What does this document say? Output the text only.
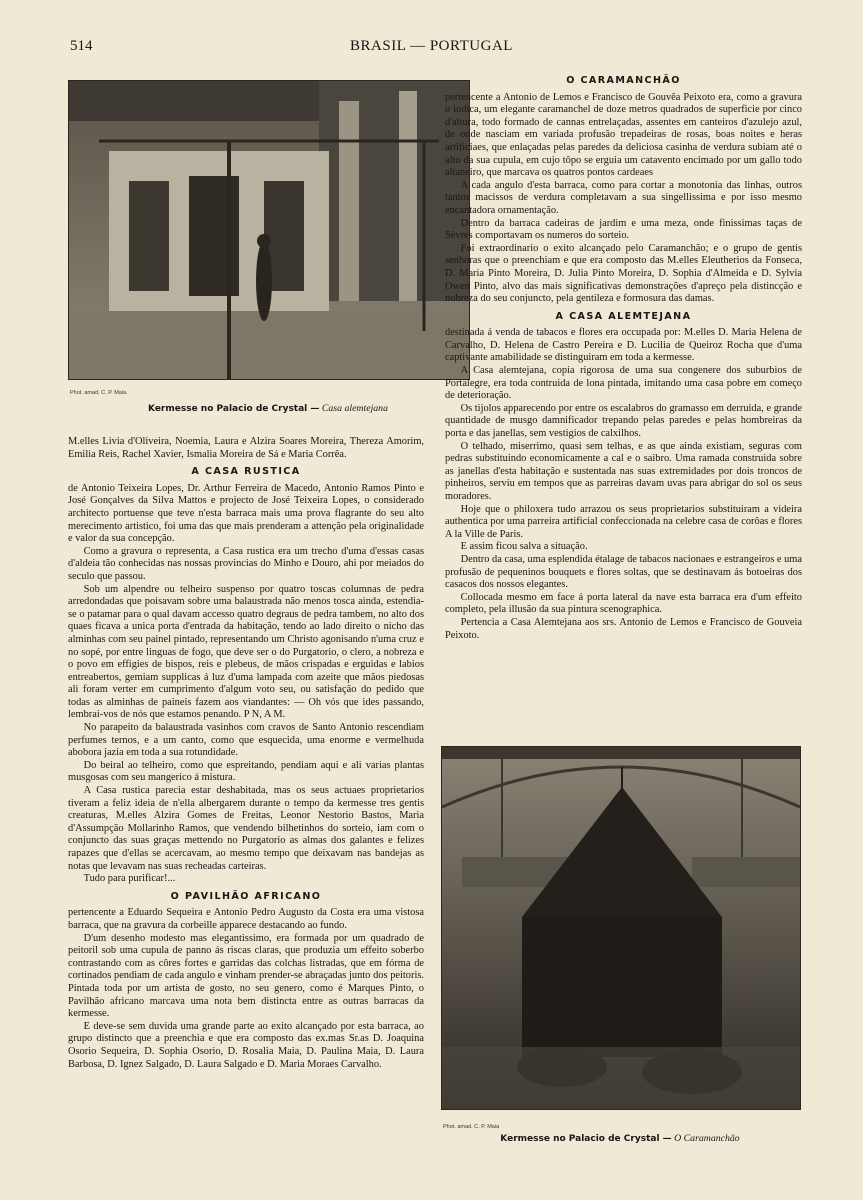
514	BRASIL — PORTUGAL
Phot. amad. C. P. Maia.
Kermesse no Palacio de Crystal — Casa alemtejana

M.elles Livia d'Oliveira, Noemia, Laura e Alzira Soares Moreira, Thereza Amorim, Emilia Reis, Rachel Xavier, Ismalia Moreira de Sá e Maria Corrêa.

A CASA RUSTICA

de Antonio Teixeira Lopes, Dr. Arthur Ferreira de Macedo, Antonio Ramos Pinto e José Gonçalves da Silva Mattos e projecto de José Teixeira Lopes, o considerado architecto portuense que teve n'esta barraca mais uma prova flagrante do seu alto merecimento artistico, foi uma das que mais prenderam a attenção pela originalidade e valor da sua concepção.

Como a gravura o representa, a Casa rustica era um trecho d'uma d'essas casas d'aldeia tão conhecidas nas nossas provincias do Minho e Douro, ahi por meiados do seculo que passou.

Sob um alpendre ou telheiro suspenso por quatro toscas columnas de pedra arredondadas que poisavam sobre uma balaustrada não menos tosca ainda, estendia-se o patamar para o qual davam accesso quatro degraus de pedra tambem, no alto dos quaes ficava a unica porta d'entrada da habitação, tendo ao lado direito o nicho das alminhas com seu painel pintado, representando um Christo agonisando n'uma cruz e no sopé, por entre linguas de fogo, que deve ser o do Purgatorio, o clero, a nobreza e o povo em effigies de bispos, reis e plebeus, de mãos crispadas e erguidas e labios entreabertos, gemiam supplicas á luz d'uma lampada com azeite que mãos piedosas ali foram verter em cumprimento d'algum voto seu, ou satisfação do pedido que todas as alminhas de paineis fazem aos viandantes: — Oh vós que ides passando, lembrai-vos de nós que estamos penando. P N, A M.

No parapeito da balaustrada vasinhos com cravos de Santo Antonio rescendiam perfumes ternos, e a um canto, como que esquecida, uma enorme e vermelhuda abobora jazia em toda a sua rotundidade.

Do beiral ao telheiro, como que espreitando, pendiam aqui e ali varias plantas musgosas com seu mangerico á mistura.

A Casa rustica parecia estar deshabitada, mas os seus actuaes proprietarios tiveram a feliz ideia de n'ella albergarem durante o tempo da kermesse tres gentis creaturas, M.elles Alzira Gomes de Freitas, Leonor Nestorio Bastos, Maria d'Assumpção Mollarinho Ramos, que vendendo bilhetinhos do sorteio, iam com o conjuncto das suas graças mettendo no Purgatorio as almas dos galantes e felizes rapazes que d'ellas se acercavam, ao mesmo tempo que deixavam nas bandejas as notas que levavam nas suas recheadas carteiras.

Tudo para purificar!...

O PAVILHÃO AFRICANO

pertencente a Eduardo Sequeira e Antonio Pedro Augusto da Costa era uma vistosa barraca, que na gravura da corbeille apparece destacando ao fundo.

D'um desenho modesto mas elegantissimo, era formada por um quadrado de peitoril sob uma cupula de panno ás riscas claras, que produzia um effeito soberbo contrastando com as côres fortes e garridas das colchas listradas, que em fórma de cortinados pendiam de cada angulo e vinham prender-se abraçadas junto dos peitoris. Pintada toda por um artista de gosto, no seu genero, como é Marques Pinto, o Pavilhão africano marcava uma nota bem distincta entre as outras barracas da kermesse.

E deve-se sem duvida uma grande parte ao exito alcançado por esta barraca, ao grupo distincto que a preenchia e que era composto das ex.mas Sr.as D. Joaquina Osorio Sequeira, D. Sophia Osorio, D. Rosalia Maia, D. Paulina Maia, D. Laura Barbosa, D. Ignez Salgado, D. Laura Salgado e D. Maria Moraes Carvalho.

O CARAMANCHÃO

pertencente a Antonio de Lemos e Francisco de Gouvêa Peixoto era, como a gravura o indica, um elegante caramanchel de doze metros quadrados de superficie por cinco d'altura, todo formado de cannas entrelaçadas, assentes em canteiros d'azulejo azul, de onde nasciam em variada profusão trepadeiras de rosas, boas noites e heras artificiaes, que enlaçadas pelas paredes da deliciosa casinha de verdura subiam até o alto da sua cupula, em cujo tôpo se erguia um catavento encimado por um gallo todo altaneiro, que marcava os quatros pontos cardeaes

A cada angulo d'esta barraca, como para cortar a monotonia das linhas, outros tantos macissos de verdura completavam a sua singellissima e por isso mesmo encantadora ornamentação.

Dentro da barraca cadeiras de jardim e uma meza, onde finissimas taças de Sèvres comportavam os numeros do sorteio.

Foi extraordinario o exito alcançado pelo Caramanchão; e o grupo de gentis senhoras que o preenchiam e que era composto das M.elles Eleutherios da Fonseca, D. Maria Pinto Moreira, D. Julia Pinto Moreira, D. Sophia d'Almeida e D. Sylvia Owen Pinto, alvo das mais significativas demonstrações d'apreço pela distincção e nobreza do seu conjuncto, pela gentileza e formosura das damas.

A CASA ALEMTEJANA

destinada á venda de tabacos e flores era occupada por: M.elles D. Maria Helena de Carvalho, D. Helena de Castro Pereira e D. Lucilia de Queiroz Rocha que d'uma captivante amabilidade se distinguiram em toda a kermesse.

A Casa alemtejana, copia rigorosa de uma sua congenere dos suburbios de Portalegre, era toda contruida de lona pintada, imitando uma casa pobre em começo de deterioração.

Os tijolos apparecendo por entre os escalabros do gramasso em derruida, e grande quantidade de musgo damnificador trepando pelas paredes e pelas hombreiras da porta e das janellas, sem vestigios de calxilhos.

O telhado, miserrimo, quasi sem telhas, e as que ainda existiam, seguras com pedras substituindo economicamente a cal e o saibro. Uma ramada construida sobre as janellas d'esta habitação e sustentada nas suas extremidades por dois troncos de pinheiros, serviu em tempos que as parreiras davam uvas para abrigar do sol os seus moradores.

Hoje que o philoxera tudo arrazou os seus proprietarios substituiram a videira authentica por uma parreira artificial confeccionada na celebre casa de corôas e flores A la Ville de Paris.

E assim ficou salva a situação.

Dentro da casa, uma esplendida étalage de tabacos nacionaes e estrangeiros e uma profusão de pequeninos bouquets e flores soltas, que se destinavam ás botoeiras dos casacos dos nossos elegantes.

Collocada mesmo em face á porta lateral da nave esta barraca era d'um effeito completo, pela illusão da sua pintura scenographica.

Pertencia a Casa Alemtejana aos srs. Antonio de Lemos e Francisco de Gouveia Peixoto.

Phot. amad. C. P. Maia
Kermesse no Palacio de Crystal — O Caramanchão
